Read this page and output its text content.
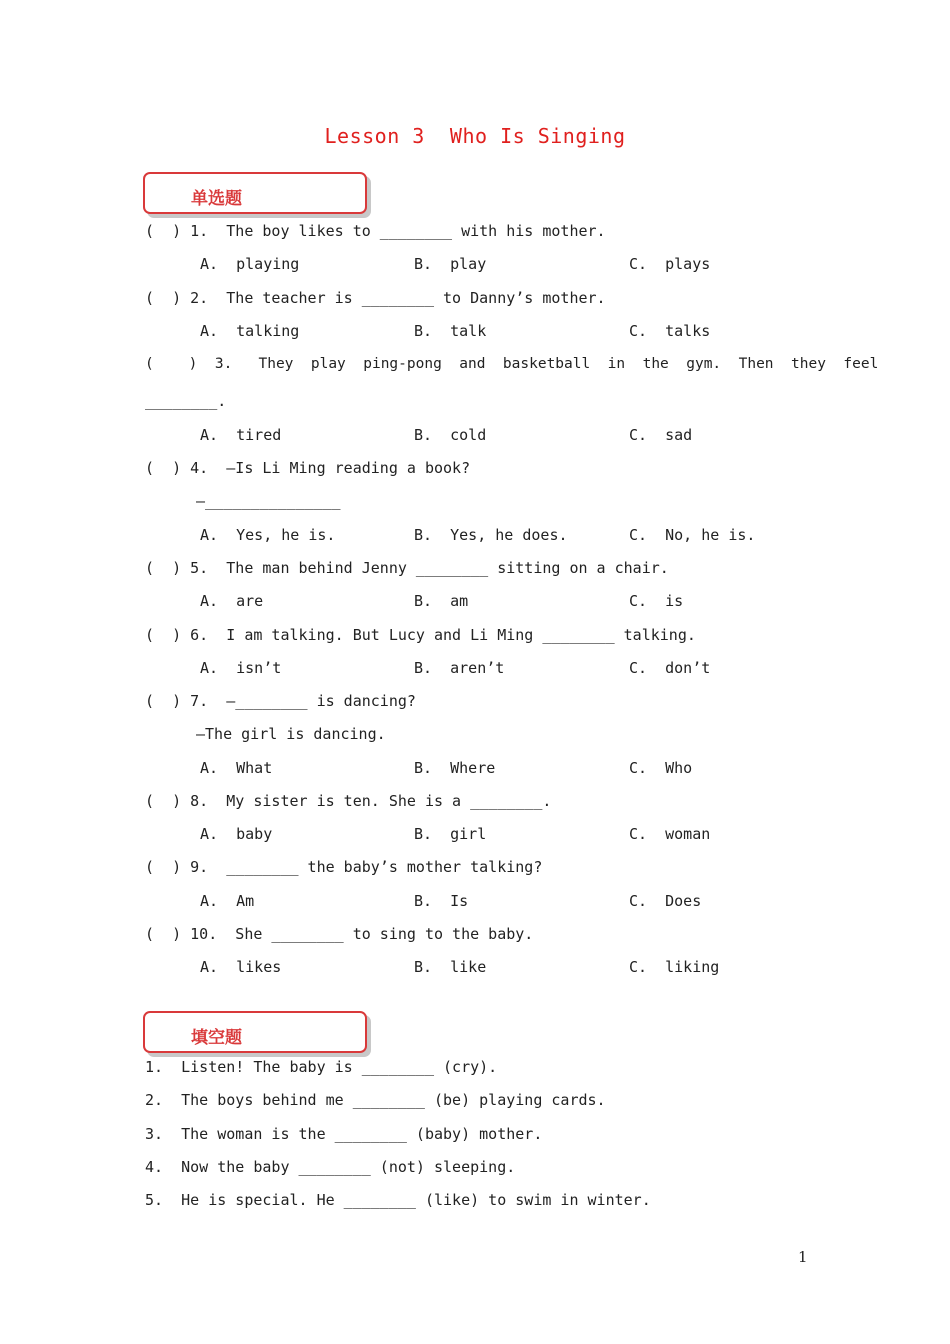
Lesson 3  Who Is Singing
单选题
(  ) 1.  The boy likes to ________ with his mother.
A.  playing	B.  play	C.  plays
(  ) 2.  The teacher is ________ to Danny’s mother.
A.  talking	B.  talk	C.  talks
(    )  3.   They  play  ping-pong  and  basketball  in  the  gym.  Then  they  feel
________.
A.  tired	B.  cold	C.  sad
(  ) 4.  —Is Li Ming reading a book?
—_______________
A.  Yes, he is.	B.  Yes, he does.	C.  No, he is.
(  ) 5.  The man behind Jenny ________ sitting on a chair.
A.  are	B.  am	C.  is
(  ) 6.  I am talking. But Lucy and Li Ming ________ talking.
A.  isn’t	B.  aren’t	C.  don’t
(  ) 7.  —________ is dancing?
—The girl is dancing.
A.  What	B.  Where	C.  Who
(  ) 8.  My sister is ten. She is a ________.
A.  baby	B.  girl	C.  woman
(  ) 9.  ________ the baby’s mother talking?
A.  Am	B.  Is	C.  Does
(  ) 10.  She ________ to sing to the baby.
A.  likes	B.  like	C.  liking
填空题
1.  Listen! The baby is ________ (cry).
2.  The boys behind me ________ (be) playing cards.
3.  The woman is the ________ (baby) mother.
4.  Now the baby ________ (not) sleeping.
5.  He is special. He ________ (like) to swim in winter.
1
